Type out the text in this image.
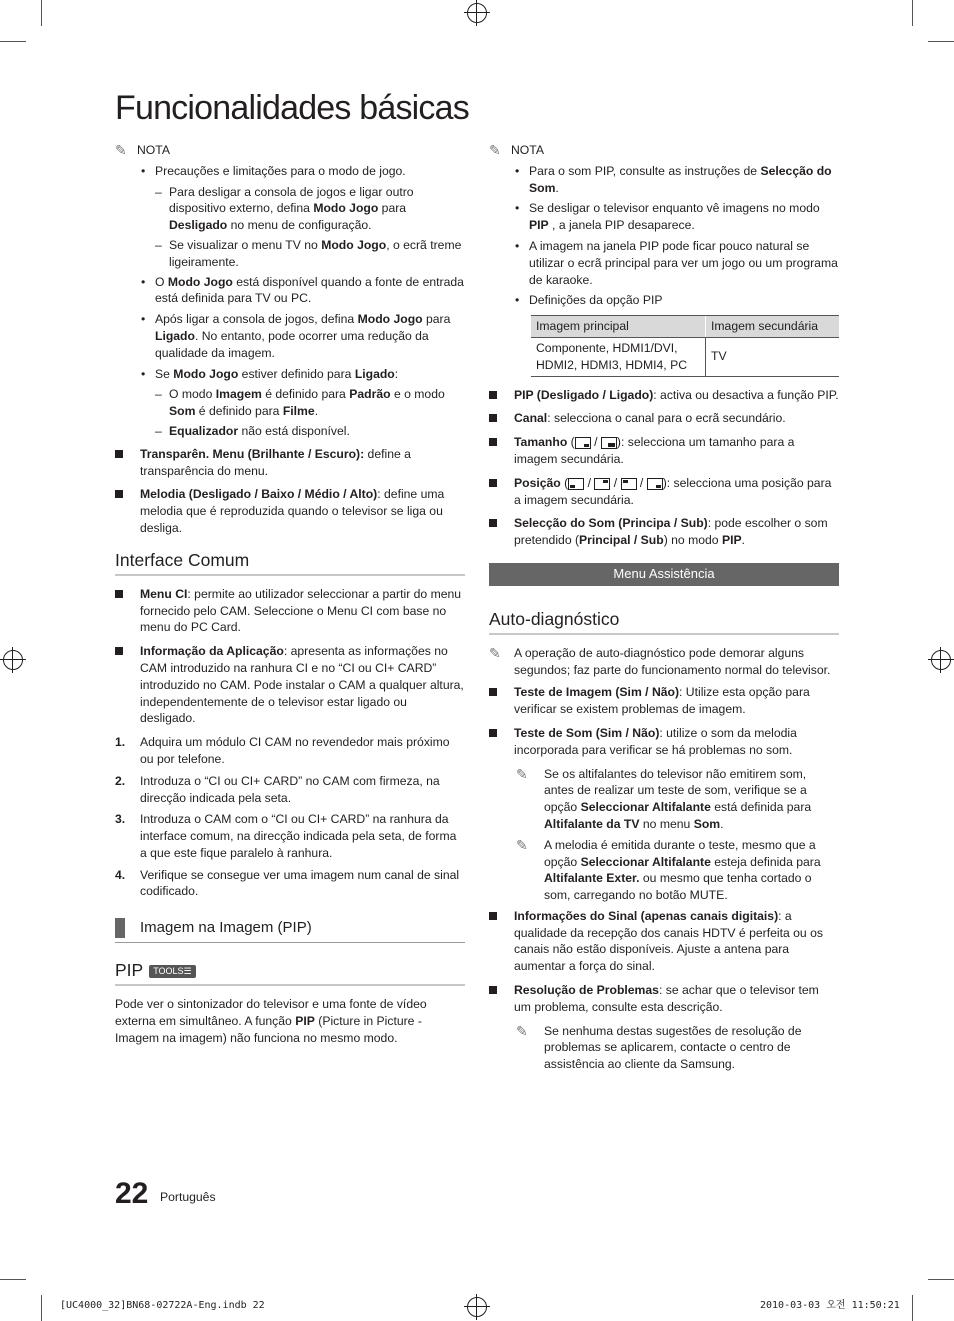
Funcionalidades básicas
✎ NOTA
• Precauções e limitações para o modo de jogo.
– Para desligar a consola de jogos e ligar outro dispositivo externo, defina Modo Jogo para Desligado no menu de configuração.
– Se visualizar o menu TV no Modo Jogo, o ecrã treme ligeiramente.
• O Modo Jogo está disponível quando a fonte de entrada está definida para TV ou PC.
• Após ligar a consola de jogos, defina Modo Jogo para Ligado. No entanto, pode ocorrer uma redução da qualidade da imagem.
• Se Modo Jogo estiver definido para Ligado:
– O modo Imagem é definido para Padrão e o modo Som é definido para Filme.
– Equalizador não está disponível.
Transparên. Menu (Brilhante / Escuro): define a transparência do menu.
Melodia (Desligado / Baixo / Médio / Alto): define uma melodia que é reproduzida quando o televisor se liga ou desliga.
Interface Comum
Menu CI: permite ao utilizador seleccionar a partir do menu fornecido pelo CAM. Seleccione o Menu CI com base no menu do PC Card.
Informação da Aplicação: apresenta as informações no CAM introduzido na ranhura CI e no “CI ou CI+ CARD” introduzido no CAM. Pode instalar o CAM a qualquer altura, independentemente de o televisor estar ligado ou desligado.
1. Adquira um módulo CI CAM no revendedor mais próximo ou por telefone.
2. Introduza o “CI ou CI+ CARD” no CAM com firmeza, na direcção indicada pela seta.
3. Introduza o CAM com o “CI ou CI+ CARD” na ranhura da interface comum, na direcção indicada pela seta, de forma a que este fique paralelo à ranhura.
4. Verifique se consegue ver uma imagem num canal de sinal codificado.
Imagem na Imagem (PIP)
PIP TOOLS☰
Pode ver o sintonizador do televisor e uma fonte de vídeo externa em simultâneo. A função PIP (Picture in Picture - Imagem na imagem) não funciona no mesmo modo.
✎ NOTA
• Para o som PIP, consulte as instruções de Selecção do Som.
• Se desligar o televisor enquanto vê imagens no modo PIP , a janela PIP desaparece.
• A imagem na janela PIP pode ficar pouco natural se utilizar o ecrã principal para ver um jogo ou um programa de karaoke.
• Definições da opção PIP
Imagem principal	Imagem secundária
Componente, HDMI1/DVI, HDMI2, HDMI3, HDMI4, PC	TV
PIP (Desligado / Ligado): activa ou desactiva a função PIP.
Canal: selecciona o canal para o ecrã secundário.
Tamanho (
/
): selecciona um tamanho para a imagem secundária.
Posição (
/
/
/
): selecciona uma posição para a imagem secundária.
Selecção do Som (Principa / Sub): pode escolher o som pretendido (Principal / Sub) no modo PIP.
Menu Assistência
Auto-diagnóstico
✎ A operação de auto-diagnóstico pode demorar alguns segundos; faz parte do funcionamento normal do televisor.
Teste de Imagem (Sim / Não): Utilize esta opção para verificar se existem problemas de imagem.
Teste de Som (Sim / Não): utilize o som da melodia incorporada para verificar se há problemas no som.
✎ Se os altifalantes do televisor não emitirem som, antes de realizar um teste de som, verifique se a opção Seleccionar Altifalante está definida para Altifalante da TV no menu Som.
✎ A melodia é emitida durante o teste, mesmo que a opção Seleccionar Altifalante esteja definida para Altifalante Exter. ou mesmo que tenha cortado o som, carregando no botão MUTE.
Informações do Sinal (apenas canais digitais): a qualidade da recepção dos canais HDTV é perfeita ou os canais não estão disponíveis. Ajuste a antena para aumentar a força do sinal.
Resolução de Problemas: se achar que o televisor tem um problema, consulte esta descrição.
✎ Se nenhuma destas sugestões de resolução de problemas se aplicarem, contacte o centro de assistência ao cliente da Samsung.
22 Português
[UC4000_32]BN68-02722A-Eng.indb 22	2010-03-03 오전 11:50:21
